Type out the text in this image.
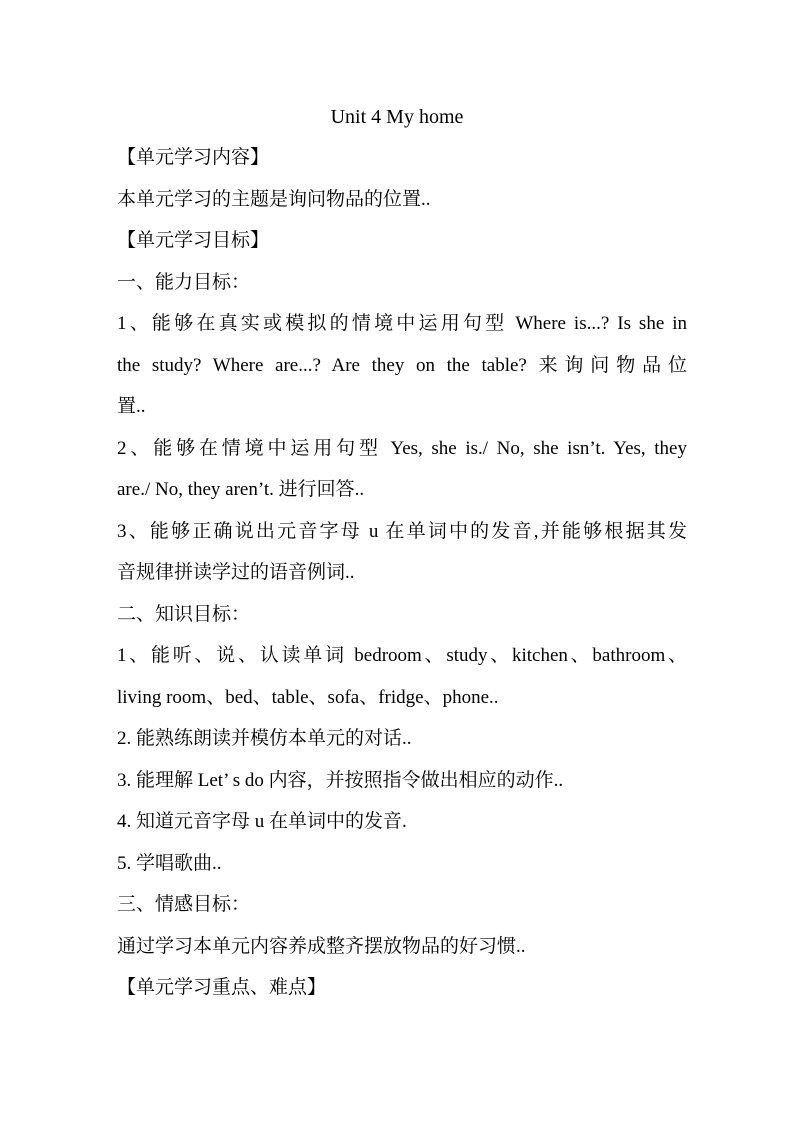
Unit 4 My home
【单元学习内容】
本单元学习的主题是询问物品的位置..
【单元学习目标】
一、能力目标：
1、能够在真实或模拟的情境中运用句型 Where is...? Is she in
the study? Where are...? Are they on the table? 来询问物品位
置..
2、能够在情境中运用句型 Yes, she is./ No, she isn’t. Yes, they
are./ No, they aren’t. 进行回答..
3、能够正确说出元音字母 u 在单词中的发音,并能够根据其发
音规律拼读学过的语音例词..
二、知识目标：
1、能听、说、认读单词 bedroom、study、kitchen、bathroom、
living room、bed、table、sofa、fridge、phone..
2. 能熟练朗读并模仿本单元的对话..
3. 能理解 Let’ s do 内容，并按照指令做出相应的动作..
4. 知道元音字母 u 在单词中的发音.
5. 学唱歌曲..
三、情感目标：
通过学习本单元内容养成整齐摆放物品的好习惯..
【单元学习重点、难点】
